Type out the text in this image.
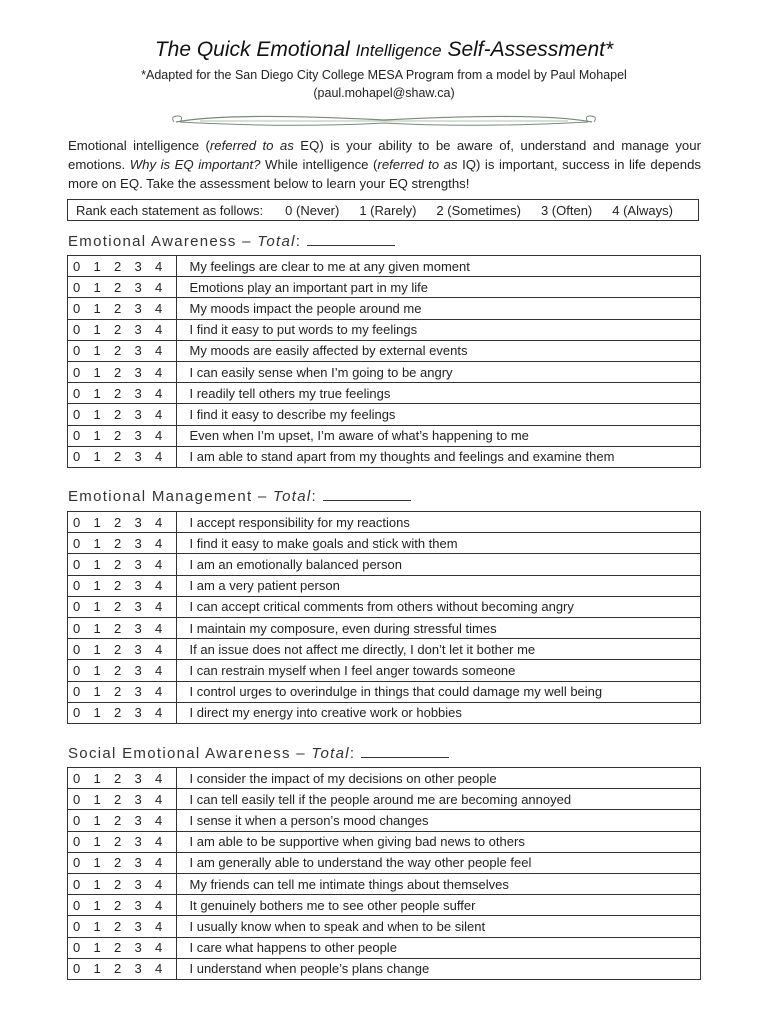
The Quick Emotional Intelligence Self-Assessment*
*Adapted for the San Diego City College MESA Program from a model by Paul Mohapel
(paul.mohapel@shaw.ca)
Emotional intelligence (referred to as EQ) is your ability to be aware of, understand and manage your emotions. Why is EQ important? While intelligence (referred to as IQ) is important, success in life depends more on EQ. Take the assessment below to learn your EQ strengths!
Rank each statement as follows: 0 (Never) 1 (Rarely) 2 (Sometimes) 3 (Often) 4 (Always)
Emotional Awareness – Total:
0 1 2 3 4	My feelings are clear to me at any given moment
0 1 2 3 4	Emotions play an important part in my life
0 1 2 3 4	My moods impact the people around me
0 1 2 3 4	I find it easy to put words to my feelings
0 1 2 3 4	My moods are easily affected by external events
0 1 2 3 4	I can easily sense when I’m going to be angry
0 1 2 3 4	I readily tell others my true feelings
0 1 2 3 4	I find it easy to describe my feelings
0 1 2 3 4	Even when I’m upset, I’m aware of what’s happening to me
0 1 2 3 4	I am able to stand apart from my thoughts and feelings and examine them
Emotional Management – Total:
0 1 2 3 4	I accept responsibility for my reactions
0 1 2 3 4	I find it easy to make goals and stick with them
0 1 2 3 4	I am an emotionally balanced person
0 1 2 3 4	I am a very patient person
0 1 2 3 4	I can accept critical comments from others without becoming angry
0 1 2 3 4	I maintain my composure, even during stressful times
0 1 2 3 4	If an issue does not affect me directly, I don’t let it bother me
0 1 2 3 4	I can restrain myself when I feel anger towards someone
0 1 2 3 4	I control urges to overindulge in things that could damage my well being
0 1 2 3 4	I direct my energy into creative work or hobbies
Social Emotional Awareness – Total:
0 1 2 3 4	I consider the impact of my decisions on other people
0 1 2 3 4	I can tell easily tell if the people around me are becoming annoyed
0 1 2 3 4	I sense it when a person’s mood changes
0 1 2 3 4	I am able to be supportive when giving bad news to others
0 1 2 3 4	I am generally able to understand the way other people feel
0 1 2 3 4	My friends can tell me intimate things about themselves
0 1 2 3 4	It genuinely bothers me to see other people suffer
0 1 2 3 4	I usually know when to speak and when to be silent
0 1 2 3 4	I care what happens to other people
0 1 2 3 4	I understand when people’s plans change
